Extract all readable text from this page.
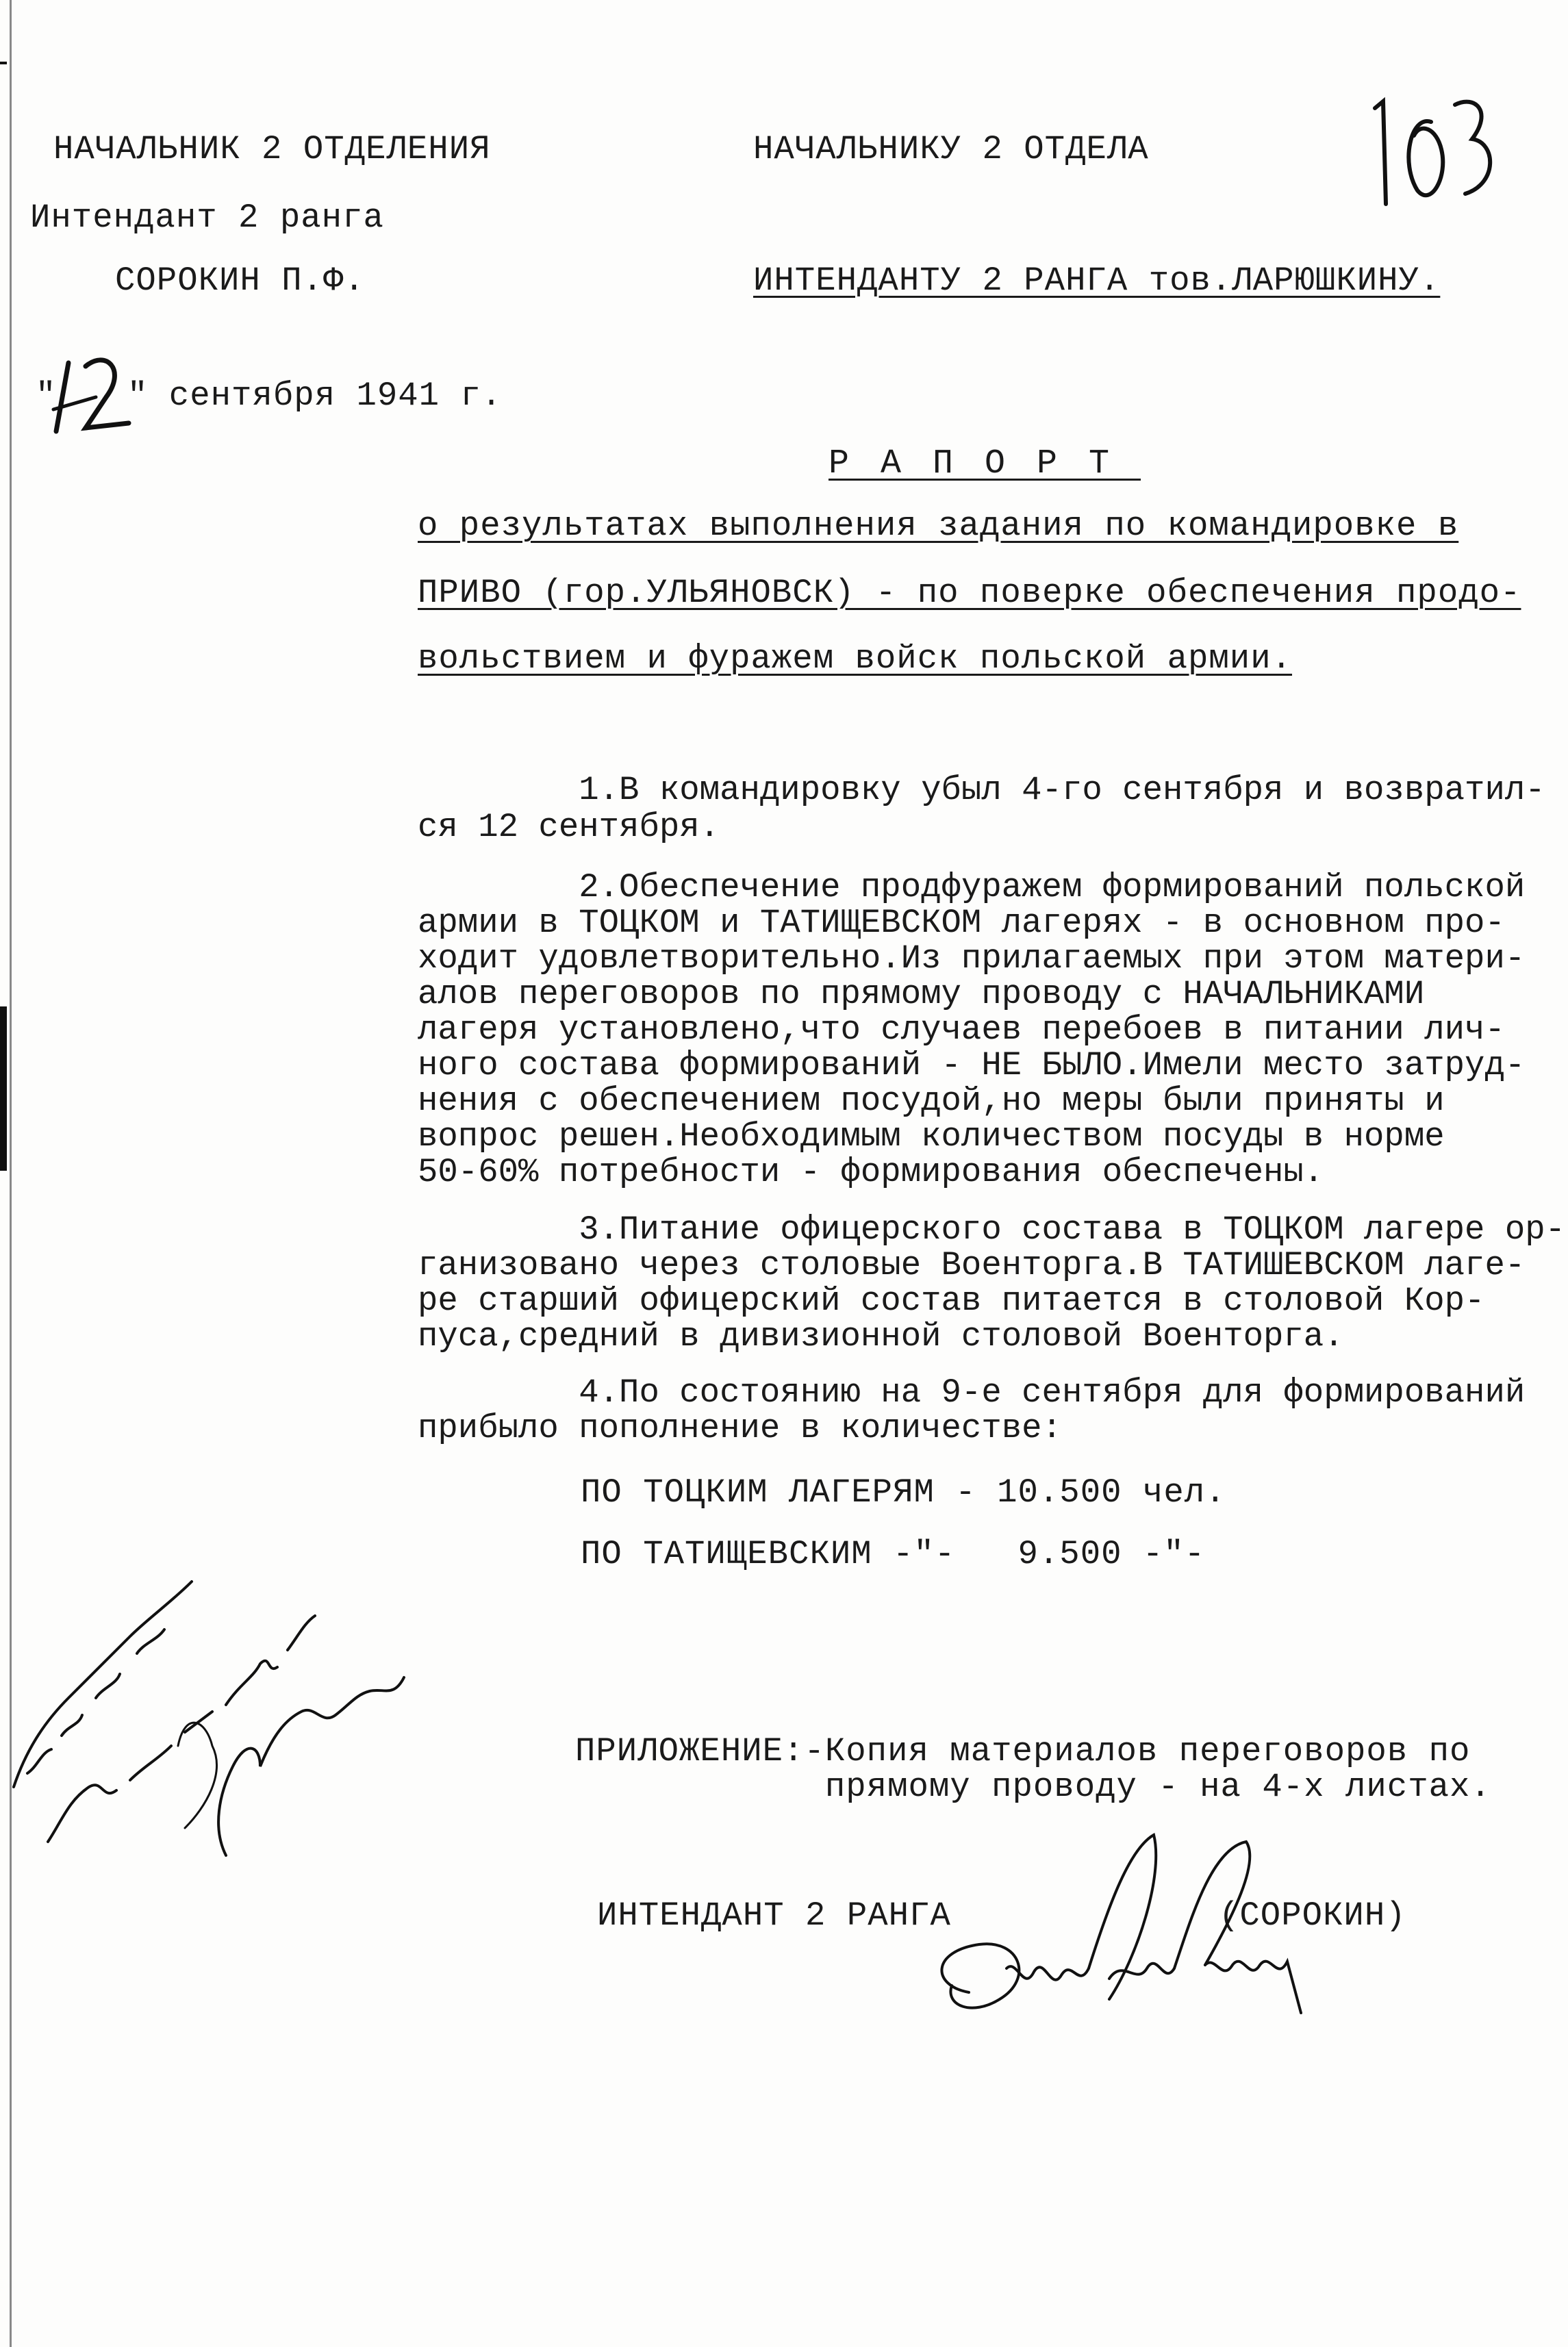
НАЧАЛЬНИК 2 ОТДЕЛЕНИЯ
Интендант 2 ранга
СОРОКИН П.Ф.
НАЧАЛЬНИКУ 2 ОТДЕЛА
ИНТЕНДАНТУ 2 РАНГА тов.ЛАРЮШКИНУ.
103
"
12
" сентября 1941 г.
РАПОРТ
о результатах выполнения задания по командировке в
ПРИВО (гор.УЛЬЯНОВСК) - по поверке обеспечения продо-
вольствием и фуражем войск польской армии.
1.В командировку убыл 4-го сентября и возвратил-
ся 12 сентября.
2.Обеспечение продфуражем формирований польской
армии в ТОЦКОМ и ТАТИЩЕВСКОМ лагерях - в основном про-
ходит удовлетворительно.Из прилагаемых при этом матери-
алов переговоров по прямому проводу с НАЧАЛЬНИКАМИ
лагеря установлено,что случаев перебоев в питании лич-
ного состава формирований - НЕ БЫЛО.Имели место затруд-
нения с обеспечением посудой,но меры были приняты и
вопрос решен.Необходимым количеством посуды в норме
50-60% потребности - формирования обеспечены.
3.Питание офицерского состава в ТОЦКОМ лагере ор-
ганизовано через столовые Военторга.В ТАТИШЕВСКОМ лаге-
ре старший офицерский состав питается в столовой Кор-
пуса,средний в дивизионной столовой Военторга.
4.По состоянию на 9-е сентября для формирований
прибыло пополнение в количестве:
ПО ТОЦКИМ ЛАГЕРЯМ - 10.500 чел.
ПО ТАТИЩЕВСКИМ -"-   9.500 -"-
ПРИЛОЖЕНИЕ:-Копия материалов переговоров по
прямому проводу - на 4-х листах.
ИНТЕНДАНТ 2 РАНГА	(СОРОКИН)
Ознакомлен Гм-12.9.41г.
